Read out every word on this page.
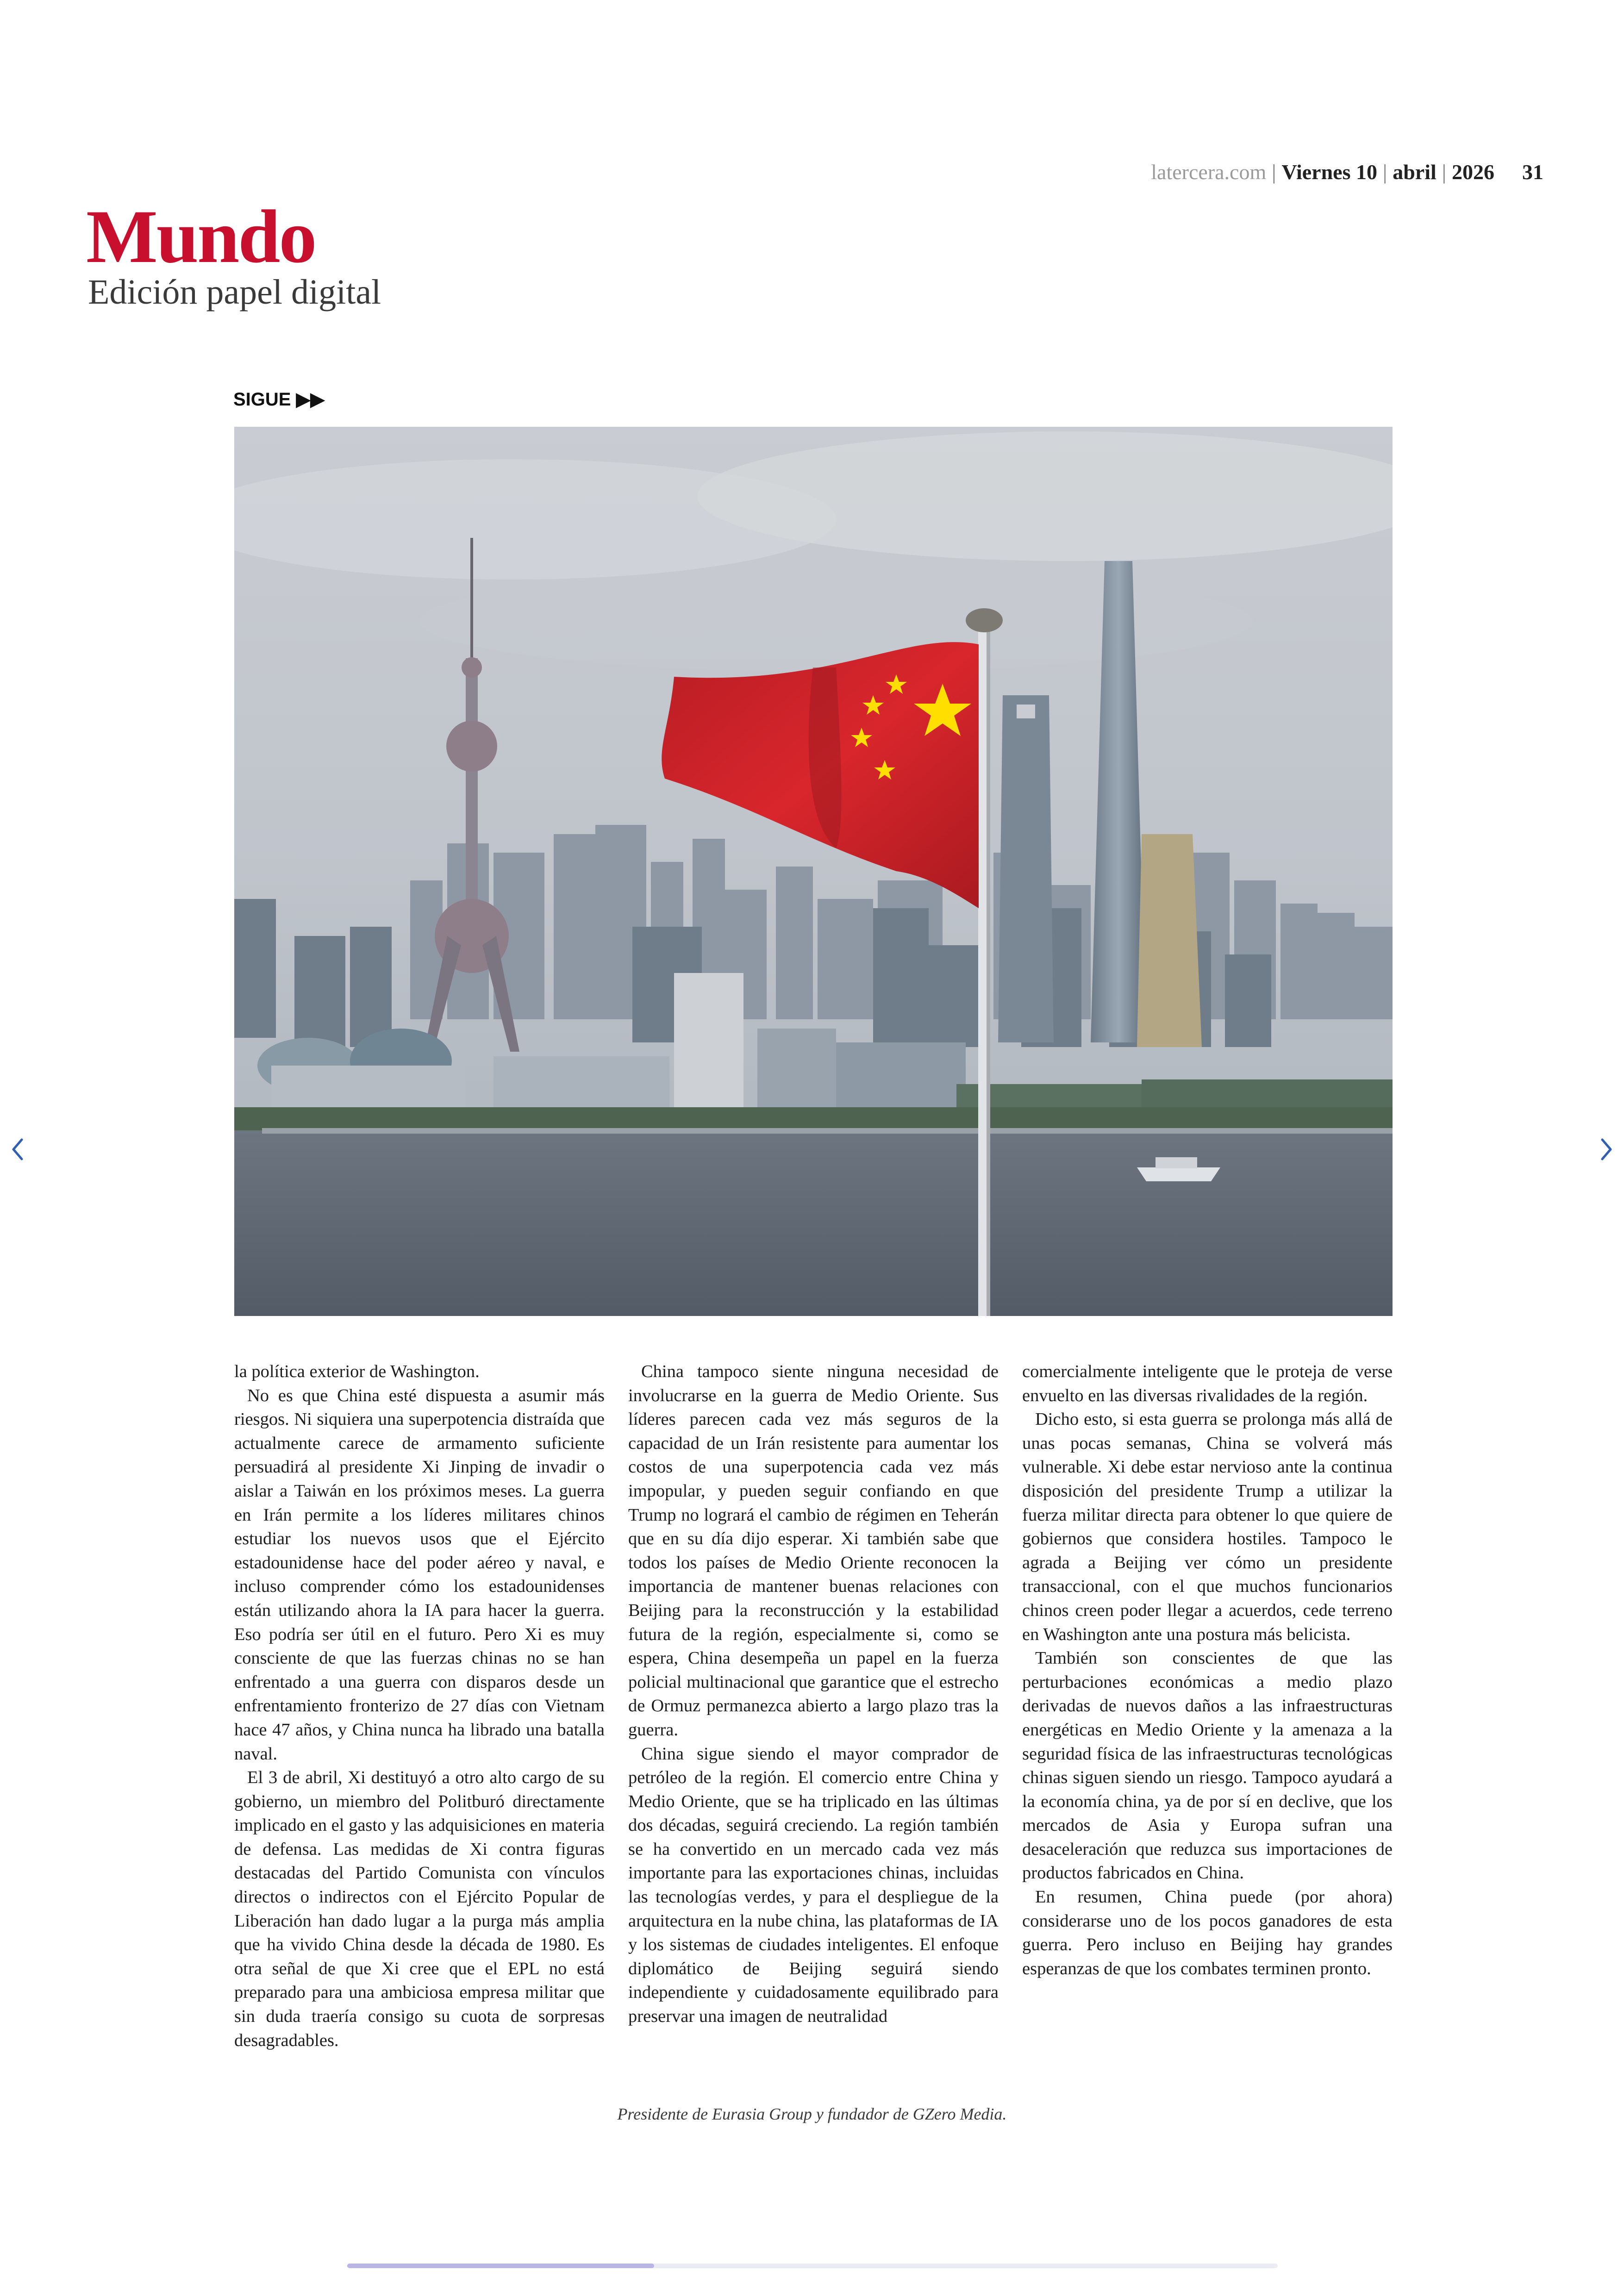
latercera.com | Viernes 10 | abril | 2026 31
Mundo
Edición papel digital
SIGUE ▶▶

la política exterior de Washington.

No es que China esté dispuesta a asumir más riesgos. Ni siquiera una superpotencia distraída que actualmente carece de armamento suficiente persuadirá al presidente Xi Jinping de invadir o aislar a Taiwán en los próximos meses. La guerra en Irán permite a los líderes militares chinos estudiar los nuevos usos que el Ejército estadounidense hace del poder aéreo y naval, e incluso comprender cómo los estadounidenses están utilizando ahora la IA para hacer la guerra. Eso podría ser útil en el futuro. Pero Xi es muy consciente de que las fuerzas chinas no se han enfrentado a una guerra con disparos desde un enfrentamiento fronterizo de 27 días con Vietnam hace 47 años, y China nunca ha librado una batalla naval.

El 3 de abril, Xi destituyó a otro alto cargo de su gobierno, un miembro del Politburó directamente implicado en el gasto y las adquisiciones en materia de defensa. Las medidas de Xi contra figuras destacadas del Partido Comunista con vínculos directos o indirectos con el Ejército Popular de Liberación han dado lugar a la purga más amplia que ha vivido China desde la década de 1980. Es otra señal de que Xi cree que el EPL no está preparado para una ambiciosa empresa militar que sin duda traería consigo su cuota de sorpresas desagradables.

China tampoco siente ninguna necesidad de involucrarse en la guerra de Medio Oriente. Sus líderes parecen cada vez más seguros de la capacidad de un Irán resistente para aumentar los costos de una superpotencia cada vez más impopular, y pueden seguir confiando en que Trump no logrará el cambio de régimen en Teherán que en su día dijo esperar. Xi también sabe que todos los países de Medio Oriente reconocen la importancia de mantener buenas relaciones con Beijing para la reconstrucción y la estabilidad futura de la región, especialmente si, como se espera, China desempeña un papel en la fuerza policial multinacional que garantice que el estrecho de Ormuz permanezca abierto a largo plazo tras la guerra.

China sigue siendo el mayor comprador de petróleo de la región. El comercio entre China y Medio Oriente, que se ha triplicado en las últimas dos décadas, seguirá creciendo. La región también se ha convertido en un mercado cada vez más importante para las exportaciones chinas, incluidas las tecnologías verdes, y para el despliegue de la arquitectura en la nube china, las plataformas de IA y los sistemas de ciudades inteligentes. El enfoque diplomático de Beijing seguirá siendo independiente y cuidadosamente equilibrado para preservar una imagen de neutralidad

comercialmente inteligente que le proteja de verse envuelto en las diversas rivalidades de la región.

Dicho esto, si esta guerra se prolonga más allá de unas pocas semanas, China se volverá más vulnerable. Xi debe estar nervioso ante la continua disposición del presidente Trump a utilizar la fuerza militar directa para obtener lo que quiere de gobiernos que considera hostiles. Tampoco le agrada a Beijing ver cómo un presidente transaccional, con el que muchos funcionarios chinos creen poder llegar a acuerdos, cede terreno en Washington ante una postura más belicista.

También son conscientes de que las perturbaciones económicas a medio plazo derivadas de nuevos daños a las infraestructuras energéticas en Medio Oriente y la amenaza a la seguridad física de las infraestructuras tecnológicas chinas siguen siendo un riesgo. Tampoco ayudará a la economía china, ya de por sí en declive, que los mercados de Asia y Europa sufran una desaceleración que reduzca sus importaciones de productos fabricados en China.

En resumen, China puede (por ahora) considerarse uno de los pocos ganadores de esta guerra. Pero incluso en Beijing hay grandes esperanzas de que los combates terminen pronto.

Presidente de Eurasia Group y fundador de GZero Media.
